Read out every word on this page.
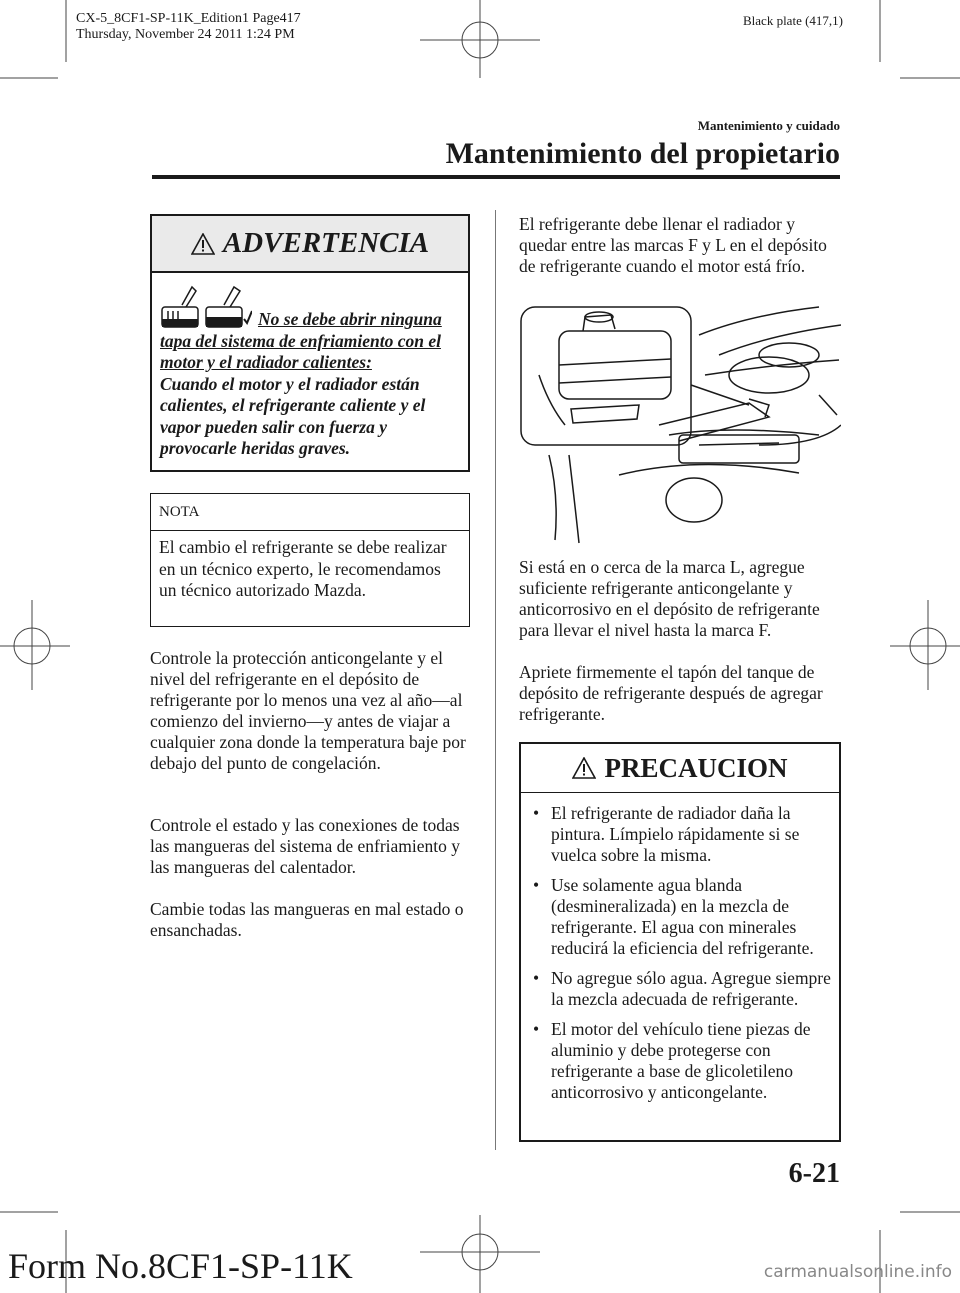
CX-5_8CF1-SP-11K_Edition1 Page417
Thursday, November 24 2011 1:24 PM
Black plate (417,1)
Mantenimiento y cuidado
Mantenimiento del propietario
ADVERTENCIA
No se debe abrir ninguna tapa del sistema de enfriamiento con el motor y el radiador calientes:
Cuando el motor y el radiador están calientes, el refrigerante caliente y el vapor pueden salir con fuerza y provocarle heridas graves.
NOTA
El cambio el refrigerante se debe realizar en un técnico experto, le recomendamos un técnico autorizado Mazda.
Controle la protección anticongelante y el nivel del refrigerante en el depósito de refrigerante por lo menos una vez al año―al comienzo del invierno―y antes de viajar a cualquier zona donde la temperatura baje por debajo del punto de congelación.
Controle el estado y las conexiones de todas las mangueras del sistema de enfriamiento y las mangueras del calentador.
Cambie todas las mangueras en mal estado o ensanchadas.
El refrigerante debe llenar el radiador y quedar entre las marcas F y L en el depósito de refrigerante cuando el motor está frío.
Si está en o cerca de la marca L, agregue suficiente refrigerante anticongelante y anticorrosivo en el depósito de refrigerante para llevar el nivel hasta la marca F.
Apriete firmemente el tapón del tanque de depósito de refrigerante después de agregar refrigerante.
PRECAUCION
• El refrigerante de radiador daña la pintura. Límpielo rápidamente si se vuelca sobre la misma.
• Use solamente agua blanda (desmineralizada) en la mezcla de refrigerante. El agua con minerales reducirá la eficiencia del refrigerante.
• No agregue sólo agua. Agregue siempre la mezcla adecuada de refrigerante.
• El motor del vehículo tiene piezas de aluminio y debe protegerse con refrigerante a base de glicoletileno anticorrosivo y anticongelante.
6-21
Form No.8CF1-SP-11K	carmanualsonline.info
